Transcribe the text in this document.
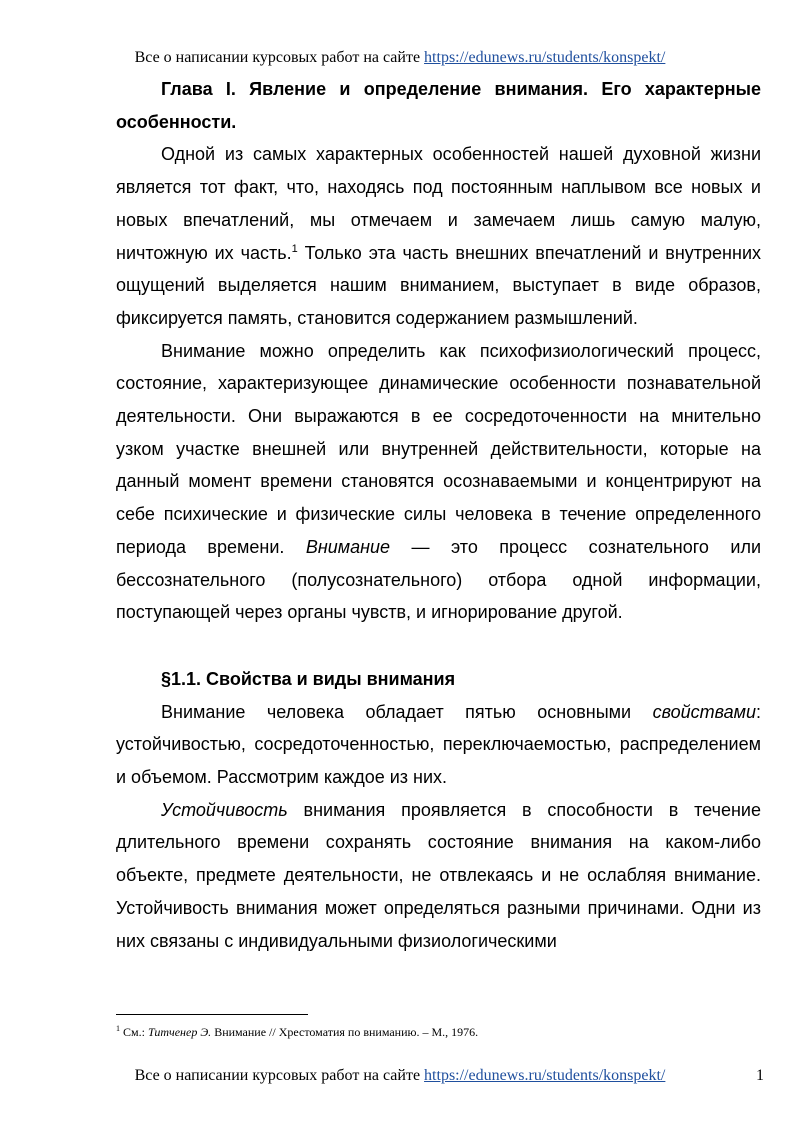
Все о написании курсовых работ на сайте https://edunews.ru/students/konspekt/

Глава I. Явление и определение внимания. Его характерные особенности.

Одной из самых характерных особенностей нашей духовной жизни является тот факт, что, находясь под постоянным наплывом все новых и новых впечатлений, мы отмечаем и замечаем лишь самую малую, ничтожную их часть.$^1$ Только эта часть внешних впечатлений и внутренних ощущений выделяется нашим вниманием, выступает в виде образов, фиксируется память, становится содержанием размышлений.

Внимание можно определить как психофизиологический процесс, состояние, характеризующее динамические особенности познавательной деятельности. Они выражаются в ее сосредоточенности на мнительно узком участке внешней или внутренней действительности, которые на данный момент времени становятся осознаваемыми и концентрируют на себе психические и физические силы человека в течение определенного периода времени. Внимание — это процесс сознательного или бессознательного (полусознательного) отбора одной информации, поступающей через органы чувств, и игнорирование другой.

§1.1. Свойства и виды внимания

Внимание человека обладает пятью основными свойствами: устойчивостью, сосредоточенностью, переключаемостью, распределением и объемом. Рассмотрим каждое из них.

Устойчивость внимания проявляется в способности в течение длительного времени сохранять состояние внимания на каком-либо объекте, предмете деятельности, не отвлекаясь и не ослабляя внимание. Устойчивость внимания может определяться разными причинами. Одни из них связаны с индивидуальными физиологическими

$^1$ См.: Титченер Э. Внимание // Хрестоматия по вниманию. – М., 1976.
Все о написании курсовых работ на сайте https://edunews.ru/students/konspekt/	1
